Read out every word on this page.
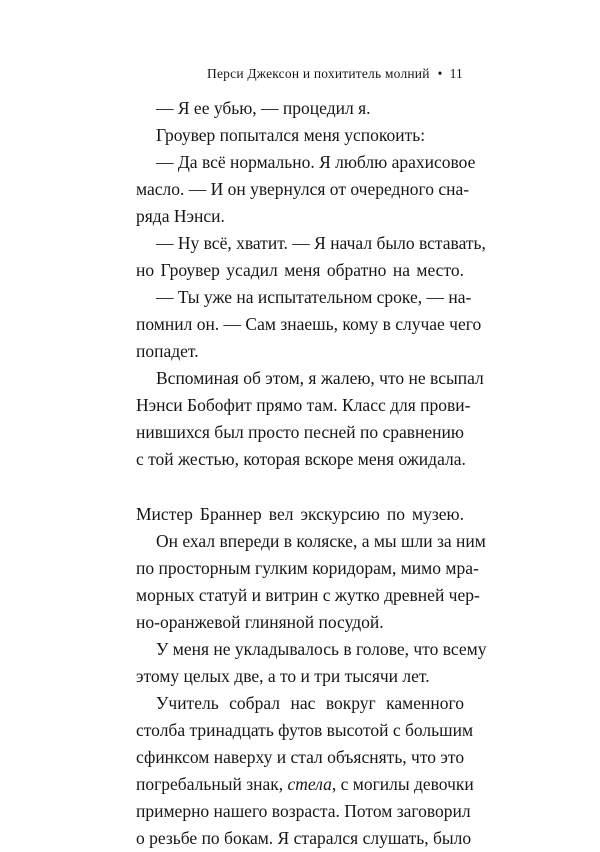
Перси Джексон и похититель молний • 11
— Я ее убью, — процедил я.
Гроувер попытался меня успокоить:
— Да всё нормально. Я люблю арахисовое
масло. — И он увернулся от очередного сна-
ряда Нэнси.
— Ну всё, хватит. — Я начал было вставать,
но Гроувер усадил меня обратно на место.
— Ты уже на испытательном сроке, — на-
помнил он. — Сам знаешь, кому в случае чего
попадет.
Вспоминая об этом, я жалею, что не всыпал
Нэнси Бобофит прямо там. Класс для прови-
нившихся был просто песней по сравнению
с той жестью, которая вскоре меня ожидала.
Мистер Браннер вел экскурсию по музею.
Он ехал впереди в коляске, а мы шли за ним
по просторным гулким коридорам, мимо мра-
морных статуй и витрин с жутко древней чер-
но-оранжевой глиняной посудой.
У меня не укладывалось в голове, что всему
этому целых две, а то и три тысячи лет.
Учитель собрал нас вокруг каменного
столба тринадцать футов высотой с большим
сфинксом наверху и стал объяснять, что это
погребальный знак, стела, с могилы девочки
примерно нашего возраста. Потом заговорил
о резьбе по бокам. Я старался слушать, было
